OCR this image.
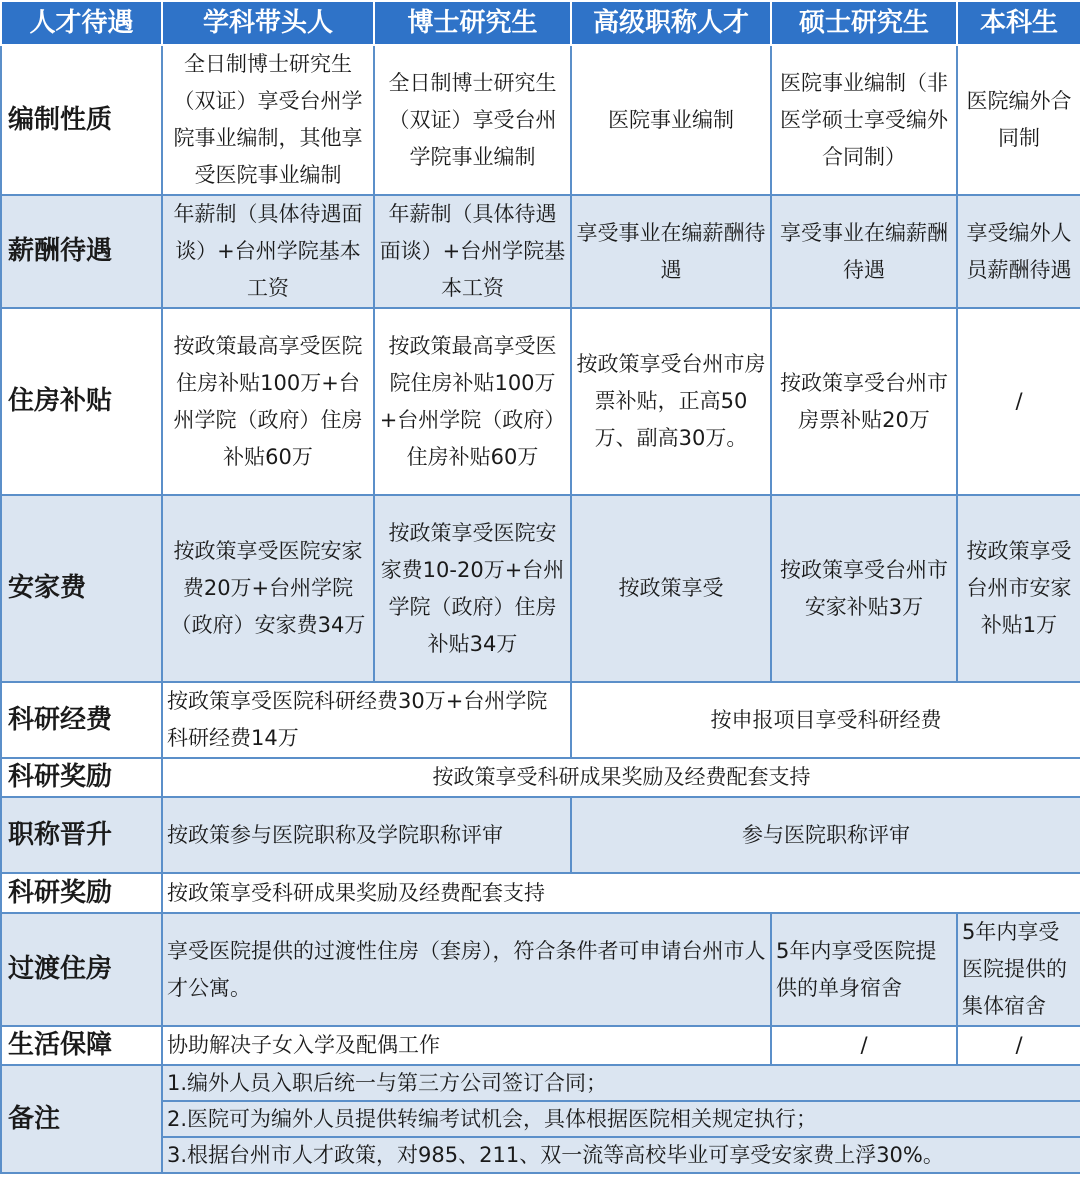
人才待遇	学科带头人	博士研究生	高级职称人才	硕士研究生	本科生
编制性质	全日制博士研究生（双证）享受台州学院事业编制，其他享受医院事业编制	全日制博士研究生（双证）享受台州学院事业编制	医院事业编制	医院事业编制（非医学硕士享受编外合同制）	医院编外合同制
薪酬待遇	年薪制（具体待遇面谈）+台州学院基本工资	年薪制（具体待遇面谈）+台州学院基本工资	享受事业在编薪酬待遇	享受事业在编薪酬待遇	享受编外人员薪酬待遇
住房补贴	按政策最高享受医院住房补贴100万+台州学院（政府）住房补贴60万	按政策最高享受医院住房补贴100万+台州学院（政府）住房补贴60万	按政策享受台州市房票补贴，正高50万、副高30万。	按政策享受台州市房票补贴20万	/
安家费	按政策享受医院安家费20万+台州学院（政府）安家费34万	按政策享受医院安家费10-20万+台州学院（政府）住房补贴34万	按政策享受	按政策享受台州市安家补贴3万	按政策享受台州市安家补贴1万
科研经费	按政策享受医院科研经费30万+台州学院科研经费14万		按申报项目享受科研经费		
科研奖励	按政策享受科研成果奖励及经费配套支持				
职称晋升	按政策参与医院职称及学院职称评审		参与医院职称评审		
科研奖励	按政策享受科研成果奖励及经费配套支持				
过渡住房	享受医院提供的过渡性住房（套房），符合条件者可申请台州市人才公寓。			5年内享受医院提供的单身宿舍	5年内享受医院提供的集体宿舍
生活保障	协助解决子女入学及配偶工作			/	/
备注	1.编外人员入职后统一与第三方公司签订合同；				
	2.医院可为编外人员提供转编考试机会，具体根据医院相关规定执行；				
	3.根据台州市人才政策，对985、211、双一流等高校毕业可享受安家费上浮30%。				
